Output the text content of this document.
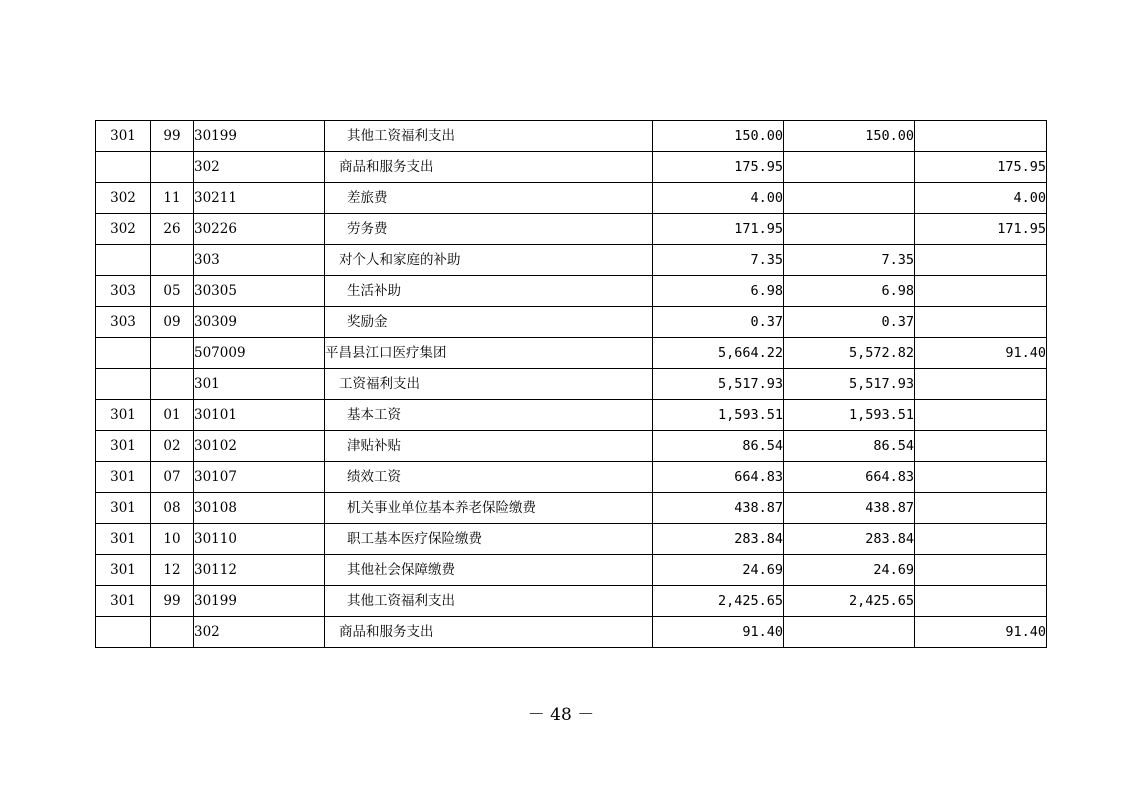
301	99	30199	其他工资福利支出	150.00	150.00	
		302	商品和服务支出	175.95		175.95
302	11	30211	差旅费	4.00		4.00
302	26	30226	劳务费	171.95		171.95
		303	对个人和家庭的补助	7.35	7.35	
303	05	30305	生活补助	6.98	6.98	
303	09	30309	奖励金	0.37	0.37	
		507009	平昌县江口医疗集团	5,664.22	5,572.82	91.40
		301	工资福利支出	5,517.93	5,517.93	
301	01	30101	基本工资	1,593.51	1,593.51	
301	02	30102	津贴补贴	86.54	86.54	
301	07	30107	绩效工资	664.83	664.83	
301	08	30108	机关事业单位基本养老保险缴费	438.87	438.87	
301	10	30110	职工基本医疗保险缴费	283.84	283.84	
301	12	30112	其他社会保障缴费	24.69	24.69	
301	99	30199	其他工资福利支出	2,425.65	2,425.65	
		302	商品和服务支出	91.40		91.40
－ 48 －
